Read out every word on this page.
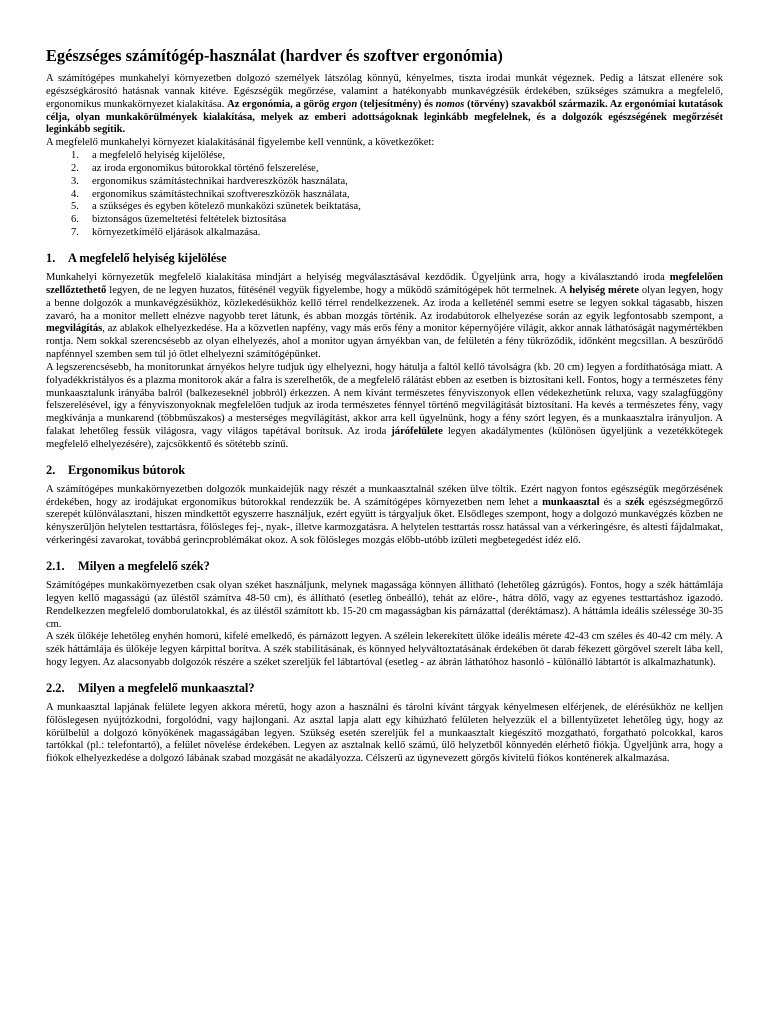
Egészséges számítógép-használat (hardver és szoftver ergonómia)

A számítógépes munkahelyi környezetben dolgozó személyek látszólag könnyű, kényelmes, tiszta irodai munkát végeznek. Pedig a látszat ellenére sok egészségkárosító hatásnak vannak kitéve. Egészségük megőrzése, valamint a hatékonyabb munkavégzésük érdekében, szükséges számukra a megfelelő, ergonomikus munkakörnyezet kialakítása. Az ergonómia, a görög ergon (teljesítmény) és nomos (törvény) szavakból származik. Az ergonómiai kutatások célja, olyan munkakörülmények kialakítása, melyek az emberi adottságoknak leginkább megfelelnek, és a dolgozók egészségének megőrzését leginkább segítik.

A megfelelő munkahelyi környezet kialakításánál figyelembe kell vennünk, a következőket:

1. a megfelelő helyiség kijelölése,
2. az iroda ergonomikus bútorokkal történő felszerelése,
3. ergonomikus számítástechnikai hardvereszközök használata,
4. ergonomikus számítástechnikai szoftvereszközök használata,
5. a szükséges és egyben kötelező munkaközi szünetek beiktatása,
6. biztonságos üzemeltetési feltételek biztosítása
7. környezetkímélő eljárások alkalmazása.
1. A megfelelő helyiség kijelölése

Munkahelyi környezetük megfelelő kialakítása mindjárt a helyiség megválasztásával kezdődik. Ügyeljünk arra, hogy a kiválasztandó iroda megfelelően szellőztethető legyen, de ne legyen huzatos, fűtésénél vegyük figyelembe, hogy a működő számítógépek hőt termelnek. A helyiség mérete olyan legyen, hogy a benne dolgozók a munkavégzésükhöz, közlekedésükhöz kellő térrel rendelkezzenek. Az iroda a kelleténél semmi esetre se legyen sokkal tágasabb, hiszen zavaró, ha a monitor mellett elnézve nagyobb teret látunk, és abban mozgás történik. Az irodabútorok elhelyezése során az egyik legfontosabb szempont, a megvilágítás, az ablakok elhelyezkedése. Ha a közvetlen napfény, vagy más erős fény a monitor képernyőjére világít, akkor annak láthatóságát nagymértékben rontja. Nem sokkal szerencsésebb az olyan elhelyezés, ahol a monitor ugyan árnyékban van, de felületén a fény tükröződik, időnként megcsillan. A beszűrődő napfénnyel szemben sem túl jó ötlet elhelyezni számítógépünket.

A legszerencsésebb, ha monitorunkat árnyékos helyre tudjuk úgy elhelyezni, hogy hátulja a faltól kellő távolságra (kb. 20 cm) legyen a fordíthatósága miatt. A folyadékkristályos és a plazma monitorok akár a falra is szerelhetők, de a megfelelő rálátást ebben az esetben is biztosítani kell. Fontos, hogy a természetes fény munkaasztalunk irányába balról (balkezeseknél jobbról) érkezzen. A nem kívánt természetes fényviszonyok ellen védekezhetünk reluxa, vagy szalagfüggöny felszerelésével, így a fényviszonyoknak megfelelően tudjuk az iroda természetes fénnyel történő megvilágítását biztosítani. Ha kevés a természetes fény, vagy megkívánja a munkarend (többműszakos) a mesterséges megvilágítást, akkor arra kell ügyelnünk, hogy a fény szórt legyen, és a munkaasztalra irányuljon. A falakat lehetőleg fessük világosra, vagy világos tapétával borítsuk. Az iroda járófelülete legyen akadálymentes (különösen ügyeljünk a vezetékkötegek megfelelő elhelyezésére), zajcsökkentő és sötétebb színű.

2. Ergonomikus bútorok

A számítógépes munkakörnyezetben dolgozók munkaidejük nagy részét a munkaasztalnál széken ülve töltik. Ezért nagyon fontos egészségük megőrzésének érdekében, hogy az irodájukat ergonomikus bútorokkal rendezzük be. A számítógépes környezetben nem lehet a munkaasztal és a szék egészségmegőrző szerepét különválasztani, hiszen mindkettőt egyszerre használjuk, ezért együtt is tárgyaljuk őket. Elsődleges szempont, hogy a dolgozó munkavégzés közben ne kényszerüljön helytelen testtartásra, fölösleges fej-, nyak-, illetve karmozgatásra. A helytelen testtartás rossz hatással van a vérkeringésre, és altesti fájdalmakat, vérkeringési zavarokat, továbbá gerincproblémákat okoz. A sok fölösleges mozgás előbb-utóbb izületi megbetegedést idéz elő.

2.1. Milyen a megfelelő szék?

Számítógépes munkakörnyezetben csak olyan széket használjunk, melynek magassága könnyen állítható (lehetőleg gázrúgós). Fontos, hogy a szék háttámlája legyen kellő magasságú (az üléstől számítva 48-50 cm), és állítható (esetleg önbeálló), tehát az előre-, hátra dőlő, vagy az egyenes testtartáshoz igazodó. Rendelkezzen megfelelő domborulatokkal, és az üléstől számított kb. 15-20 cm magasságban kis párnázattal (deréktámasz). A háttámla ideális szélessége 30-35 cm.

A szék ülőkéje lehetőleg enyhén homorú, kifelé emelkedő, és párnázott legyen. A szélein lekerekített ülőke ideális mérete 42-43 cm széles és 40-42 cm mély. A szék háttámlája és ülőkéje legyen kárpittal borítva. A szék stabilitásának, és könnyed helyváltoztatásának érdekében öt darab fékezett görgővel szerelt lába kell, hogy legyen. Az alacsonyabb dolgozók részére a széket szereljük fel lábtartóval (esetleg - az ábrán láthatóhoz hasonló - különálló lábtartót is alkalmazhatunk).

2.2. Milyen a megfelelő munkaasztal?

A munkaasztal lapjának felülete legyen akkora méretű, hogy azon a használni és tárolni kívánt tárgyak kényelmesen elférjenek, de elérésükhöz ne kelljen fölöslegesen nyújtózkodni, forgolódni, vagy hajlongani. Az asztal lapja alatt egy kihúzható felületen helyezzük el a billentyűzetet lehetőleg úgy, hogy az körülbelül a dolgozó könyökének magasságában legyen. Szükség esetén szereljük fel a munkaasztalt kiegészítő mozgatható, forgatható polcokkal, karos tartókkal (pl.: telefontartó), a felület növelése érdekében. Legyen az asztalnak kellő számú, ülő helyzetből könnyedén elérhető fiókja. Ügyeljünk arra, hogy a fiókok elhelyezkedése a dolgozó lábának szabad mozgását ne akadályozza. Célszerű az úgynevezett görgős kivitelű fiókos konténerek alkalmazása.
